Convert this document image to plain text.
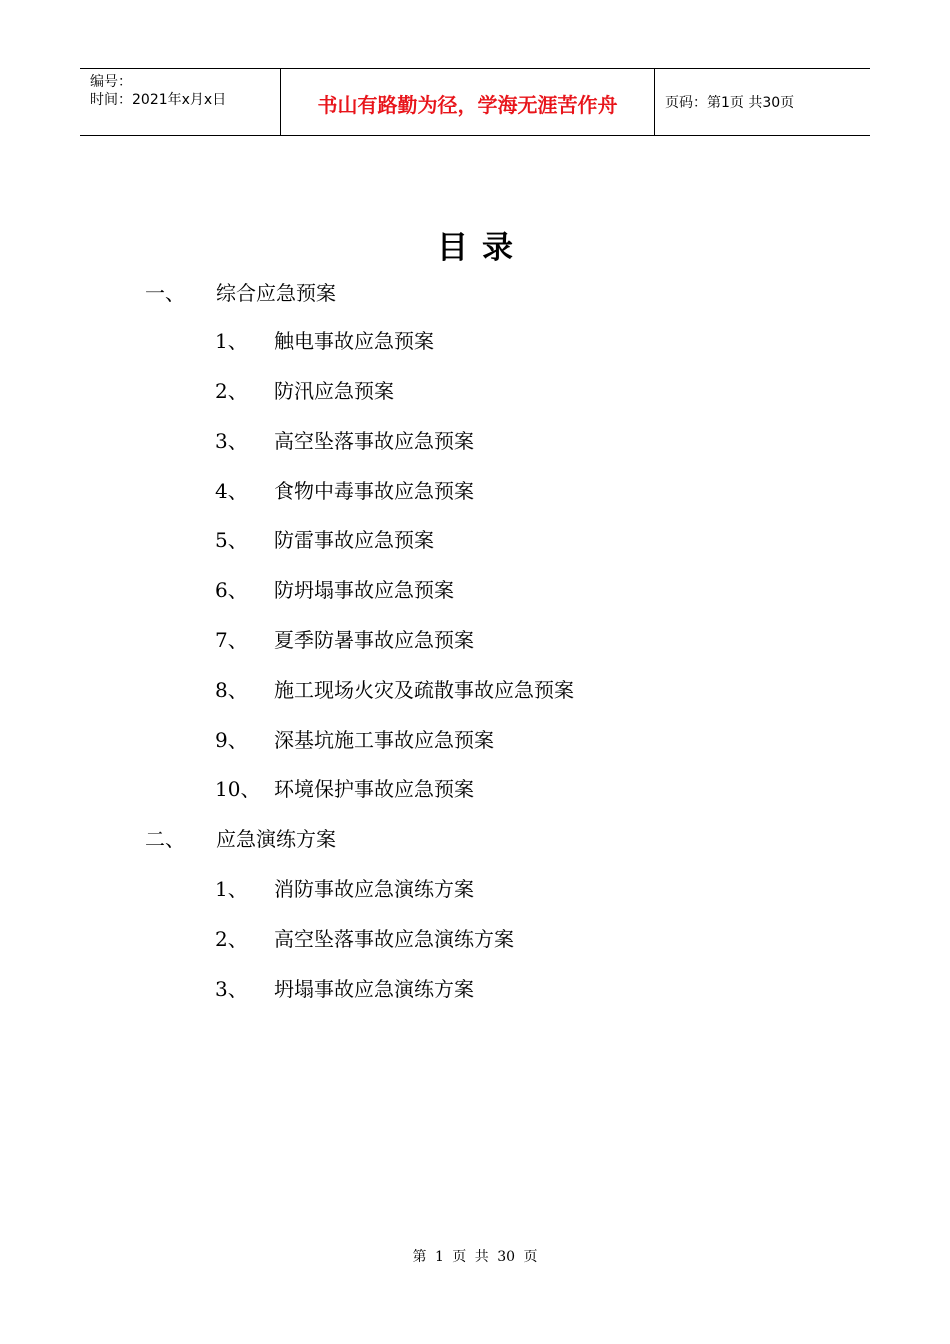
编号：
时间：2021年x月x日	书山有路勤为径，学海无涯苦作舟	页码：第1页 共30页
目录
一、 综合应急预案
1、 触电事故应急预案
2、 防汛应急预案
3、 高空坠落事故应急预案
4、 食物中毒事故应急预案
5、 防雷事故应急预案
6、 防坍塌事故应急预案
7、 夏季防暑事故应急预案
8、 施工现场火灾及疏散事故应急预案
9、 深基坑施工事故应急预案
10、 环境保护事故应急预案
二、 应急演练方案
1、 消防事故应急演练方案
2、 高空坠落事故应急演练方案
3、 坍塌事故应急演练方案
第 1 页 共 30 页
